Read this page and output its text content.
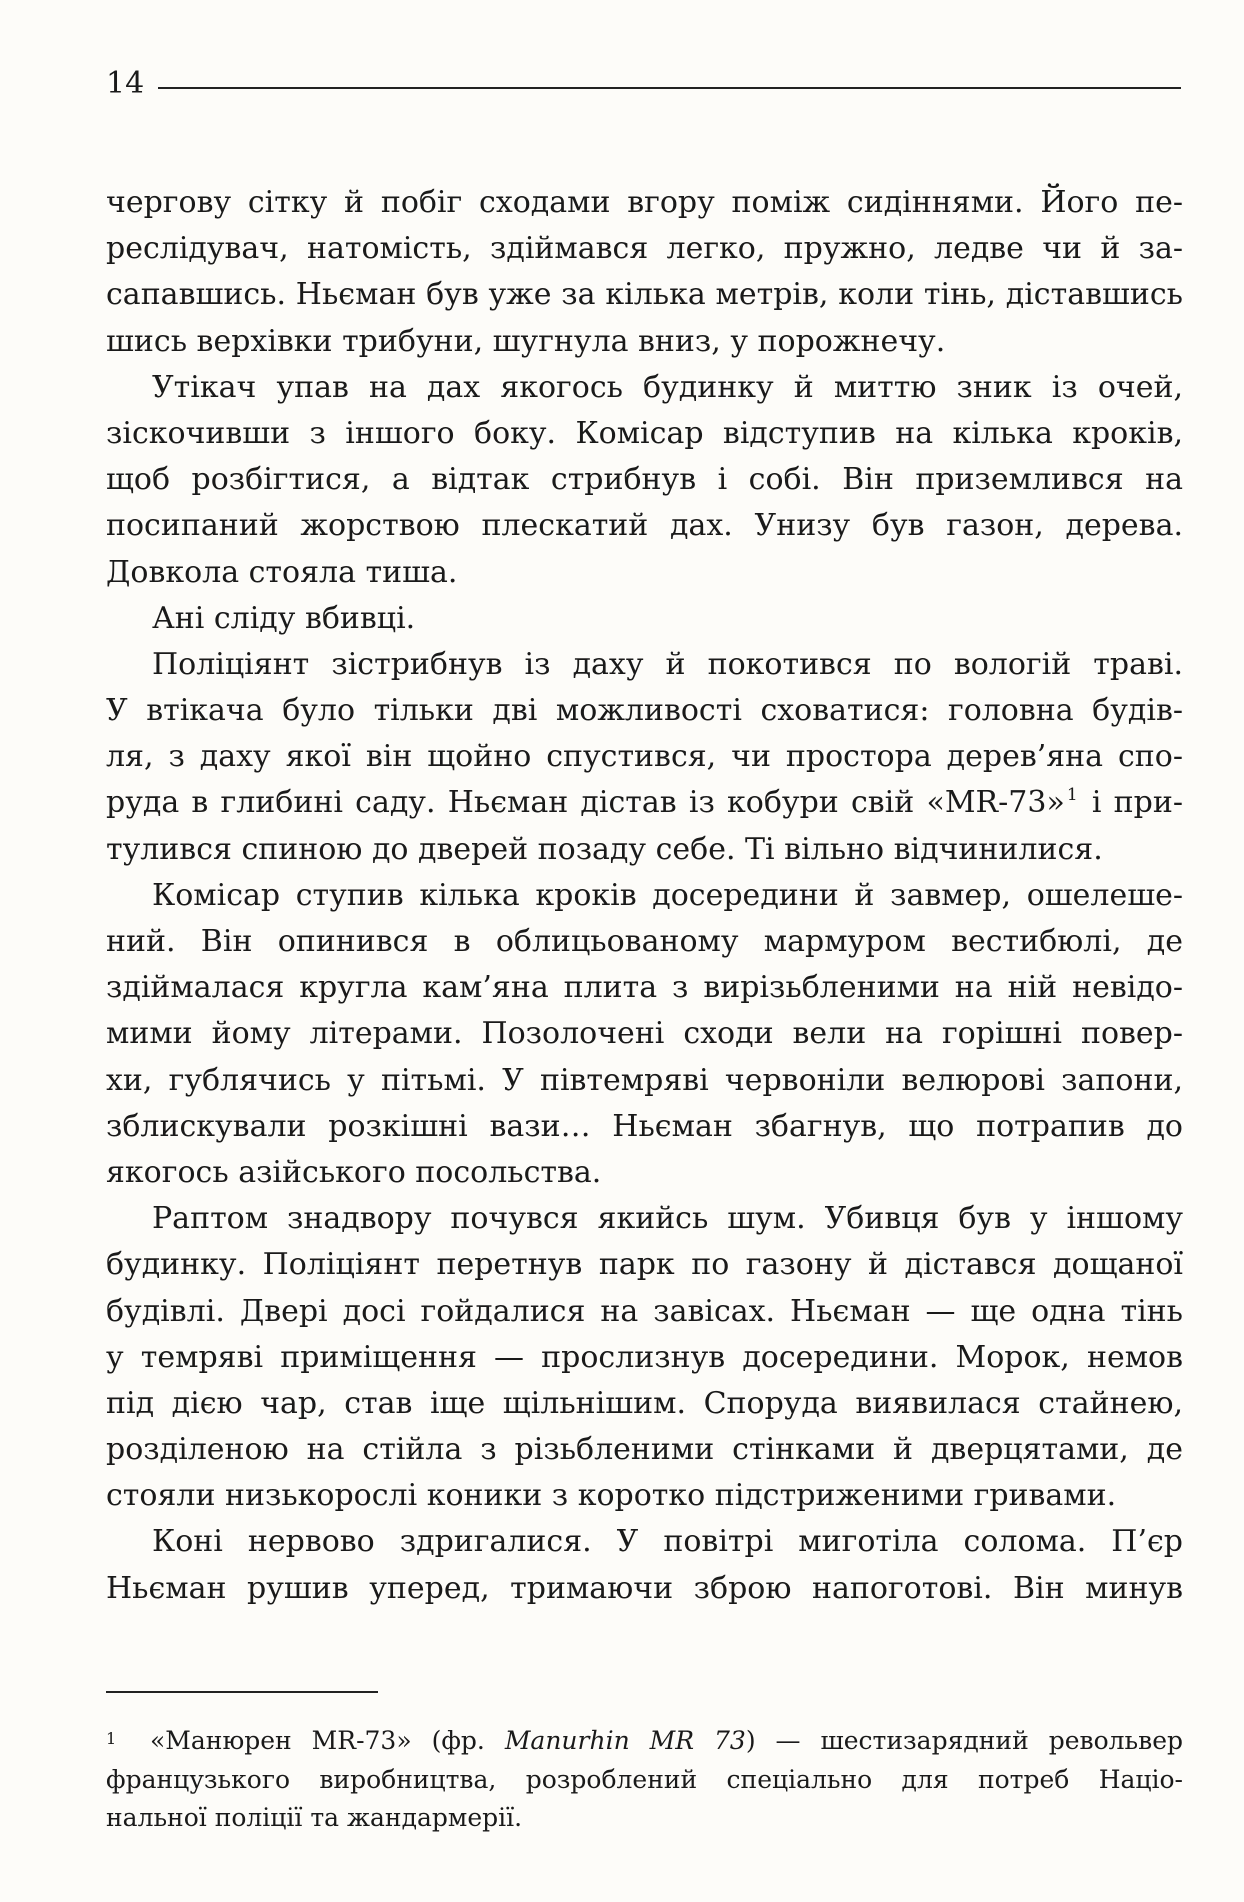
14
чергову сітку й побіг сходами вгору поміж сидіннями. Його пе-
реслідувач, натомість, здіймався легко, пружно, ледве чи й за-
сапавшись. Ньєман був уже за кілька метрів, коли тінь, діставшись
шись верхівки трибуни, шугнула вниз, у порожнечу.
Утікач упав на дах якогось будинку й миттю зник із очей,
зіскочивши з іншого боку. Комісар відступив на кілька кроків,
щоб розбігтися, а відтак стрибнув і собі. Він приземлився на
посипаний жорствою плескатий дах. Унизу був газон, дерева.
Довкола стояла тиша.
Ані сліду вбивці.
Поліціянт зістрибнув із даху й покотився по вологій траві.
У втікача було тільки дві можливості сховатися: головна будів-
ля, з даху якої він щойно спустився, чи простора дерев’яна спо-
руда в глибині саду. Ньєман дістав із кобури свій «MR-73» $^1$ і при-
тулився спиною до дверей позаду себе. Ті вільно відчинилися.
Комісар ступив кілька кроків досередини й завмер, ошелеше-
ний. Він опинився в облицьованому мармуром вестибюлі, де
здіймалася кругла кам’яна плита з вирізьбленими на ній невідо-
мими йому літерами. Позолочені сходи вели на горішні повер-
хи, гублячись у пітьмі. У півтемряві червоніли велюрові запони,
зблискували розкішні вази… Ньєман збагнув, що потрапив до
якогось азійського посольства.
Раптом знадвору почувся якийсь шум. Убивця був у іншому
будинку. Поліціянт перетнув парк по газону й дістався дощаної
будівлі. Двері досі гойдалися на завісах. Ньєман — ще одна тінь
у темряві приміщення — прослизнув досередини. Морок, немов
під дією чар, став іще щільнішим. Споруда виявилася стайнею,
розділеною на стійла з різьбленими стінками й дверцятами, де
стояли низькорослі коники з коротко підстриженими гривами.
Коні нервово здригалися. У повітрі миготіла солома. П’єр
Ньєман рушив уперед, тримаючи зброю напоготові. Він минув
1	«Манюрен MR-73» (фр. Manurhin MR 73) — шестизарядний револьвер
французького виробництва, розроблений спеціально для потреб Націо-
нальної поліції та жандармерії.
